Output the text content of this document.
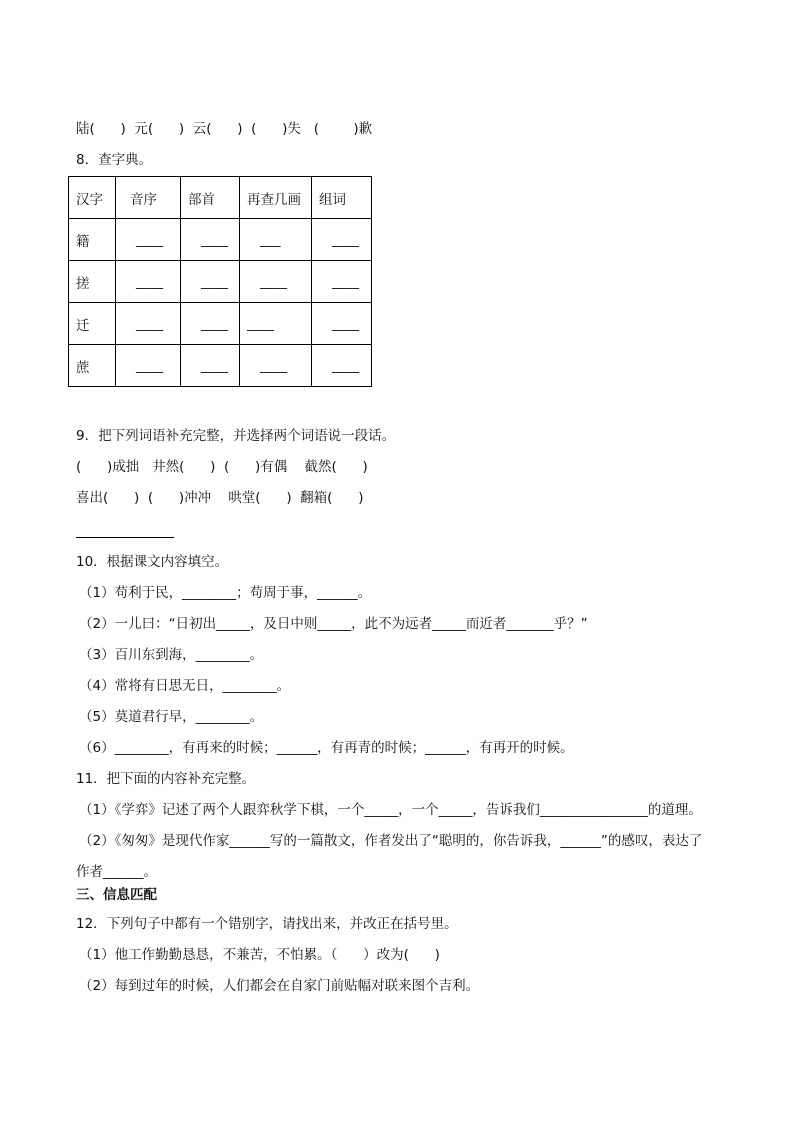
陆(      )  元(      )  云(      )  (      )失   (        )歉
8．查字典。
汉字	音序	部首	再查几画	组词
籍	____	____	___	____
搓	____	____	____	____
迁	____	____	____	____
蔗	____	____	____	____
9．把下列词语补充完整，并选择两个词语说一段话。
(      )成拙   井然(      )  (      )有偶    截然(      )
喜出(      )  (      )冲冲    哄堂(      )  翻箱(      )
10．根据课文内容填空。
（1）苟利于民，________；苟周于事，______。
（2）一儿曰：“日初出_____，及日中则_____，此不为远者_____而近者_______乎？”
（3）百川东到海，________。
（4）常将有日思无日，________。
（5）莫道君行早，________。
（6）________，有再来的时候；______，有再青的时候；______，有再开的时候。
11．把下面的内容补充完整。
（1）《学弈》记述了两个人跟弈秋学下棋，一个_____，一个_____，告诉我们________________的道理。
（2）《匆匆》是现代作家______写的一篇散文，作者发出了“聪明的，你告诉我，______”的感叹，表达了
作者______。
三、信息匹配
12．下列句子中都有一个错别字，请找出来，并改正在括号里。
（1）他工作勤勤恳恳，不兼苦，不怕累。（      ）改为(      )
（2）每到过年的时候，人们都会在自家门前贴幅对联来图个吉利。
